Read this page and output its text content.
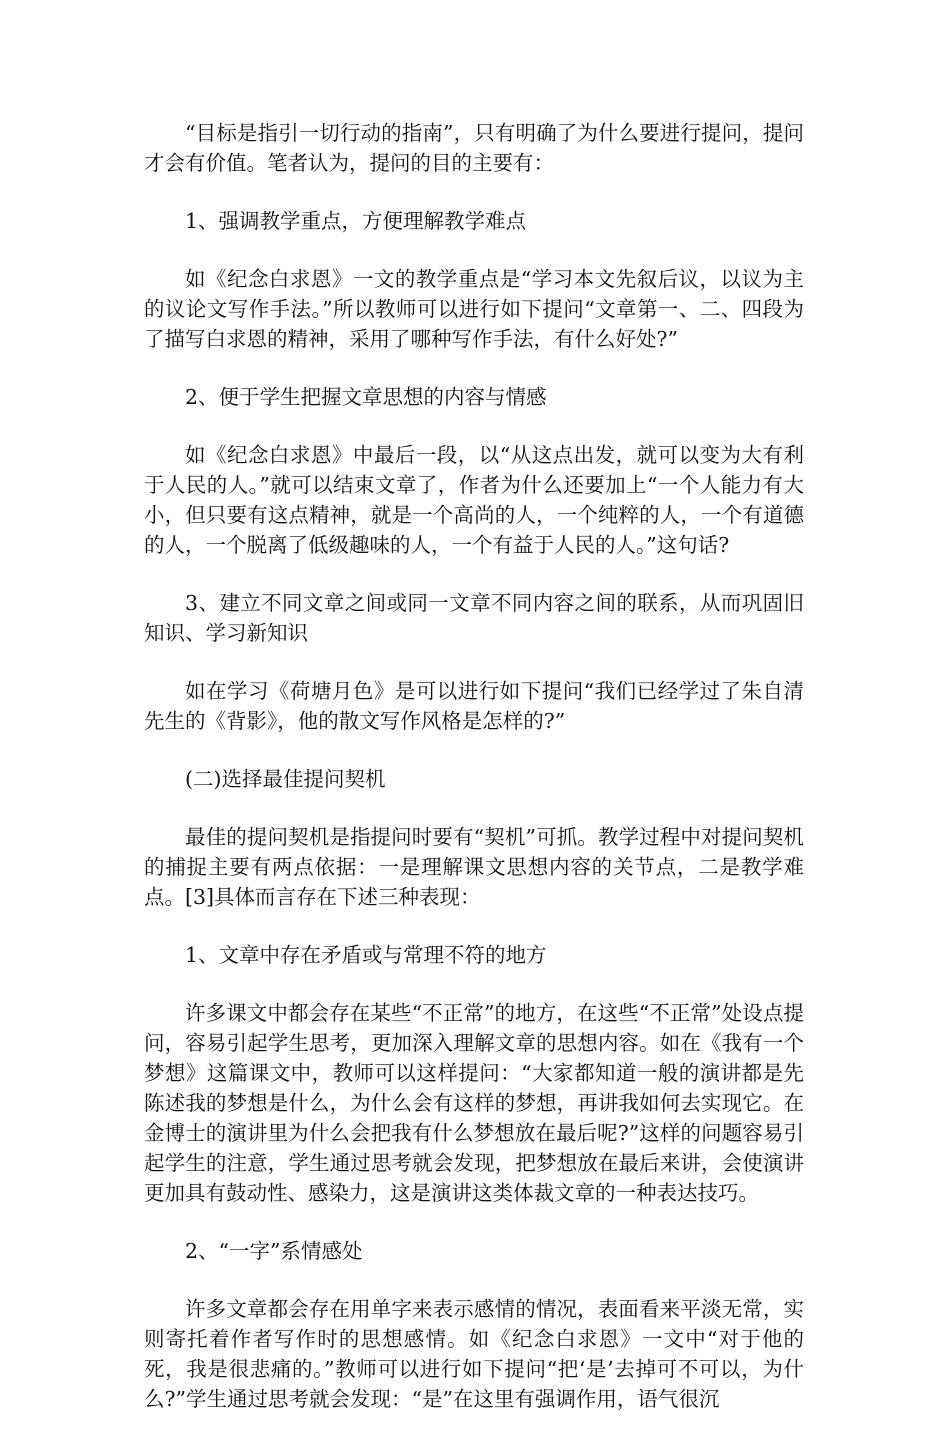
“目标是指引一切行动的指南”，只有明确了为什么要进行提问，提问才会有价值。笔者认为，提问的目的主要有：

1、强调教学重点，方便理解教学难点

如《纪念白求恩》一文的教学重点是“学习本文先叙后议，以议为主的议论文写作手法。”所以教师可以进行如下提问“文章第一、二、四段为了描写白求恩的精神，采用了哪种写作手法，有什么好处?”

2、便于学生把握文章思想的内容与情感

如《纪念白求恩》中最后一段，以“从这点出发，就可以变为大有利于人民的人。”就可以结束文章了，作者为什么还要加上“一个人能力有大小，但只要有这点精神，就是一个高尚的人，一个纯粹的人，一个有道德的人，一个脱离了低级趣味的人，一个有益于人民的人。”这句话?

3、建立不同文章之间或同一文章不同内容之间的联系，从而巩固旧知识、学习新知识

如在学习《荷塘月色》是可以进行如下提问“我们已经学过了朱自清先生的《背影》，他的散文写作风格是怎样的?”

(二)选择最佳提问契机

最佳的提问契机是指提问时要有“契机”可抓。教学过程中对提问契机的捕捉主要有两点依据：一是理解课文思想内容的关节点，二是教学难点。[3]具体而言存在下述三种表现：

1、文章中存在矛盾或与常理不符的地方

许多课文中都会存在某些“不正常”的地方，在这些“不正常”处设点提问，容易引起学生思考，更加深入理解文章的思想内容。如在《我有一个梦想》这篇课文中，教师可以这样提问：“大家都知道一般的演讲都是先陈述我的梦想是什么，为什么会有这样的梦想，再讲我如何去实现它。在金博士的演讲里为什么会把我有什么梦想放在最后呢?”这样的问题容易引起学生的注意，学生通过思考就会发现，把梦想放在最后来讲，会使演讲更加具有鼓动性、感染力，这是演讲这类体裁文章的一种表达技巧。

2、“一字”系情感处

许多文章都会存在用单字来表示感情的情况，表面看来平淡无常，实则寄托着作者写作时的思想感情。如《纪念白求恩》一文中“对于他的死，我是很悲痛的。”教师可以进行如下提问“把‘是’去掉可不可以，为什么?”学生通过思考就会发现：“是”在这里有强调作用，语气很沉
